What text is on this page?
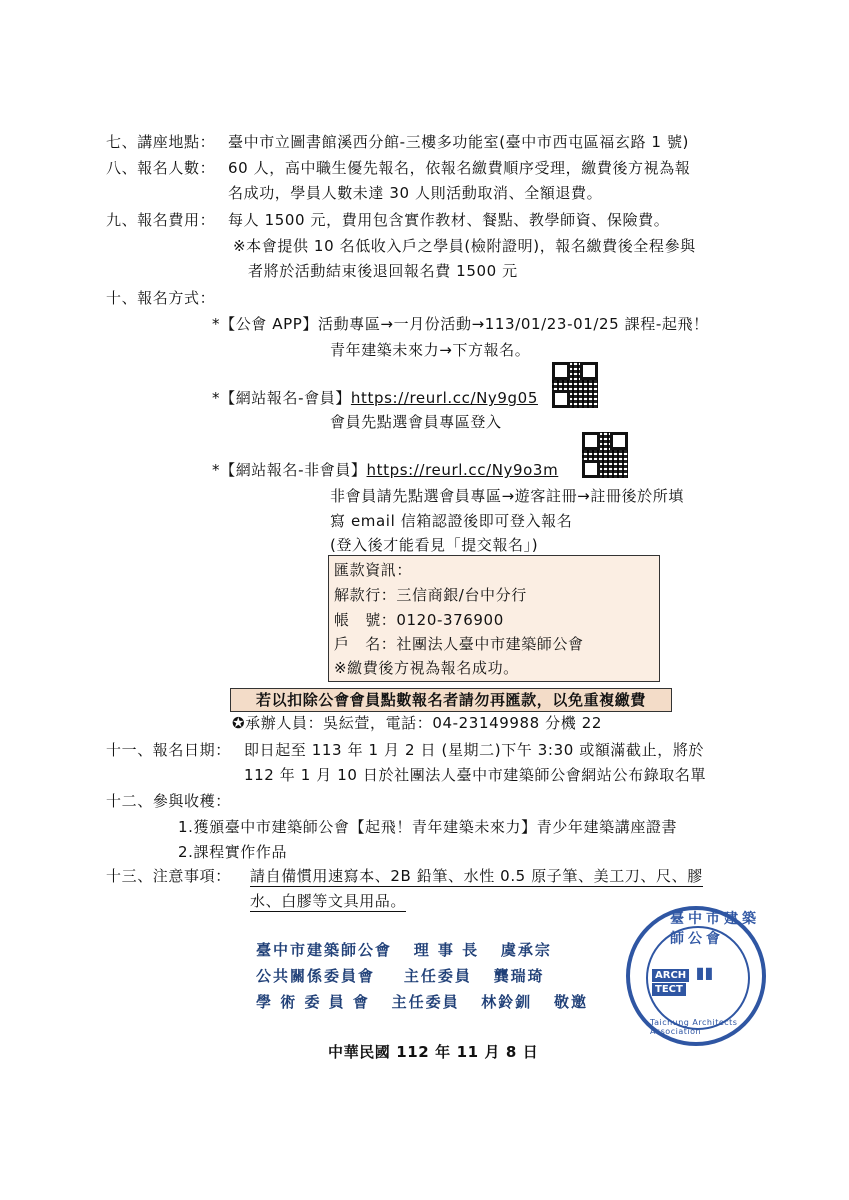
七、講座地點： 臺中市立圖書館溪西分館-三樓多功能室(臺中市西屯區福玄路 1 號)
八、報名人數： 60 人，高中職生優先報名，依報名繳費順序受理，繳費後方視為報
名成功，學員人數未達 30 人則活動取消、全額退費。
九、報名費用： 每人 1500 元，費用包含實作教材、餐點、教學師資、保險費。
※本會提供 10 名低收入戶之學員(檢附證明)，報名繳費後全程參與
者將於活動結束後退回報名費 1500 元
十、報名方式：
*【公會 APP】活動專區→一月份活動→113/01/23-01/25 課程-起飛！
青年建築未來力→下方報名。
*【網站報名-會員】https://reurl.cc/Ny9g05
會員先點選會員專區登入
*【網站報名-非會員】https://reurl.cc/Ny9o3m
非會員請先點選會員專區→遊客註冊→註冊後於所填
寫 email 信箱認證後即可登入報名
(登入後才能看見「提交報名」)
匯款資訊：
解款行：三信商銀/台中分行
帳　號：0120-376900
戶　名：社團法人臺中市建築師公會
※繳費後方視為報名成功。
若以扣除公會會員點數報名者請勿再匯款，以免重複繳費
✪承辦人員：吳紜萱，電話：04-23149988 分機 22
十一、報名日期： 即日起至 113 年 1 月 2 日 (星期二)下午 3:30 或額滿截止，將於
112 年 1 月 10 日於社團法人臺中市建築師公會網站公布錄取名單
十二、參與收穫：
1.獲頒臺中市建築師公會【起飛！青年建築未來力】青少年建築講座證書
2.課程實作作品
十三、注意事項： 請自備慣用速寫本、2B 鉛筆、水性 0.5 原子筆、美工刀、尺、膠
水、白膠等文具用品。
臺中市建築師公會 理 事 長 虞承宗
公共關係委員會 主任委員 龔瑞琦
學 術 委 員 會 主任委員 林鈴釧 敬邀
臺中市建築師公會
ARCH ▮▮ TECT
Taichung Architects Association
中華民國 112 年 11 月 8 日
